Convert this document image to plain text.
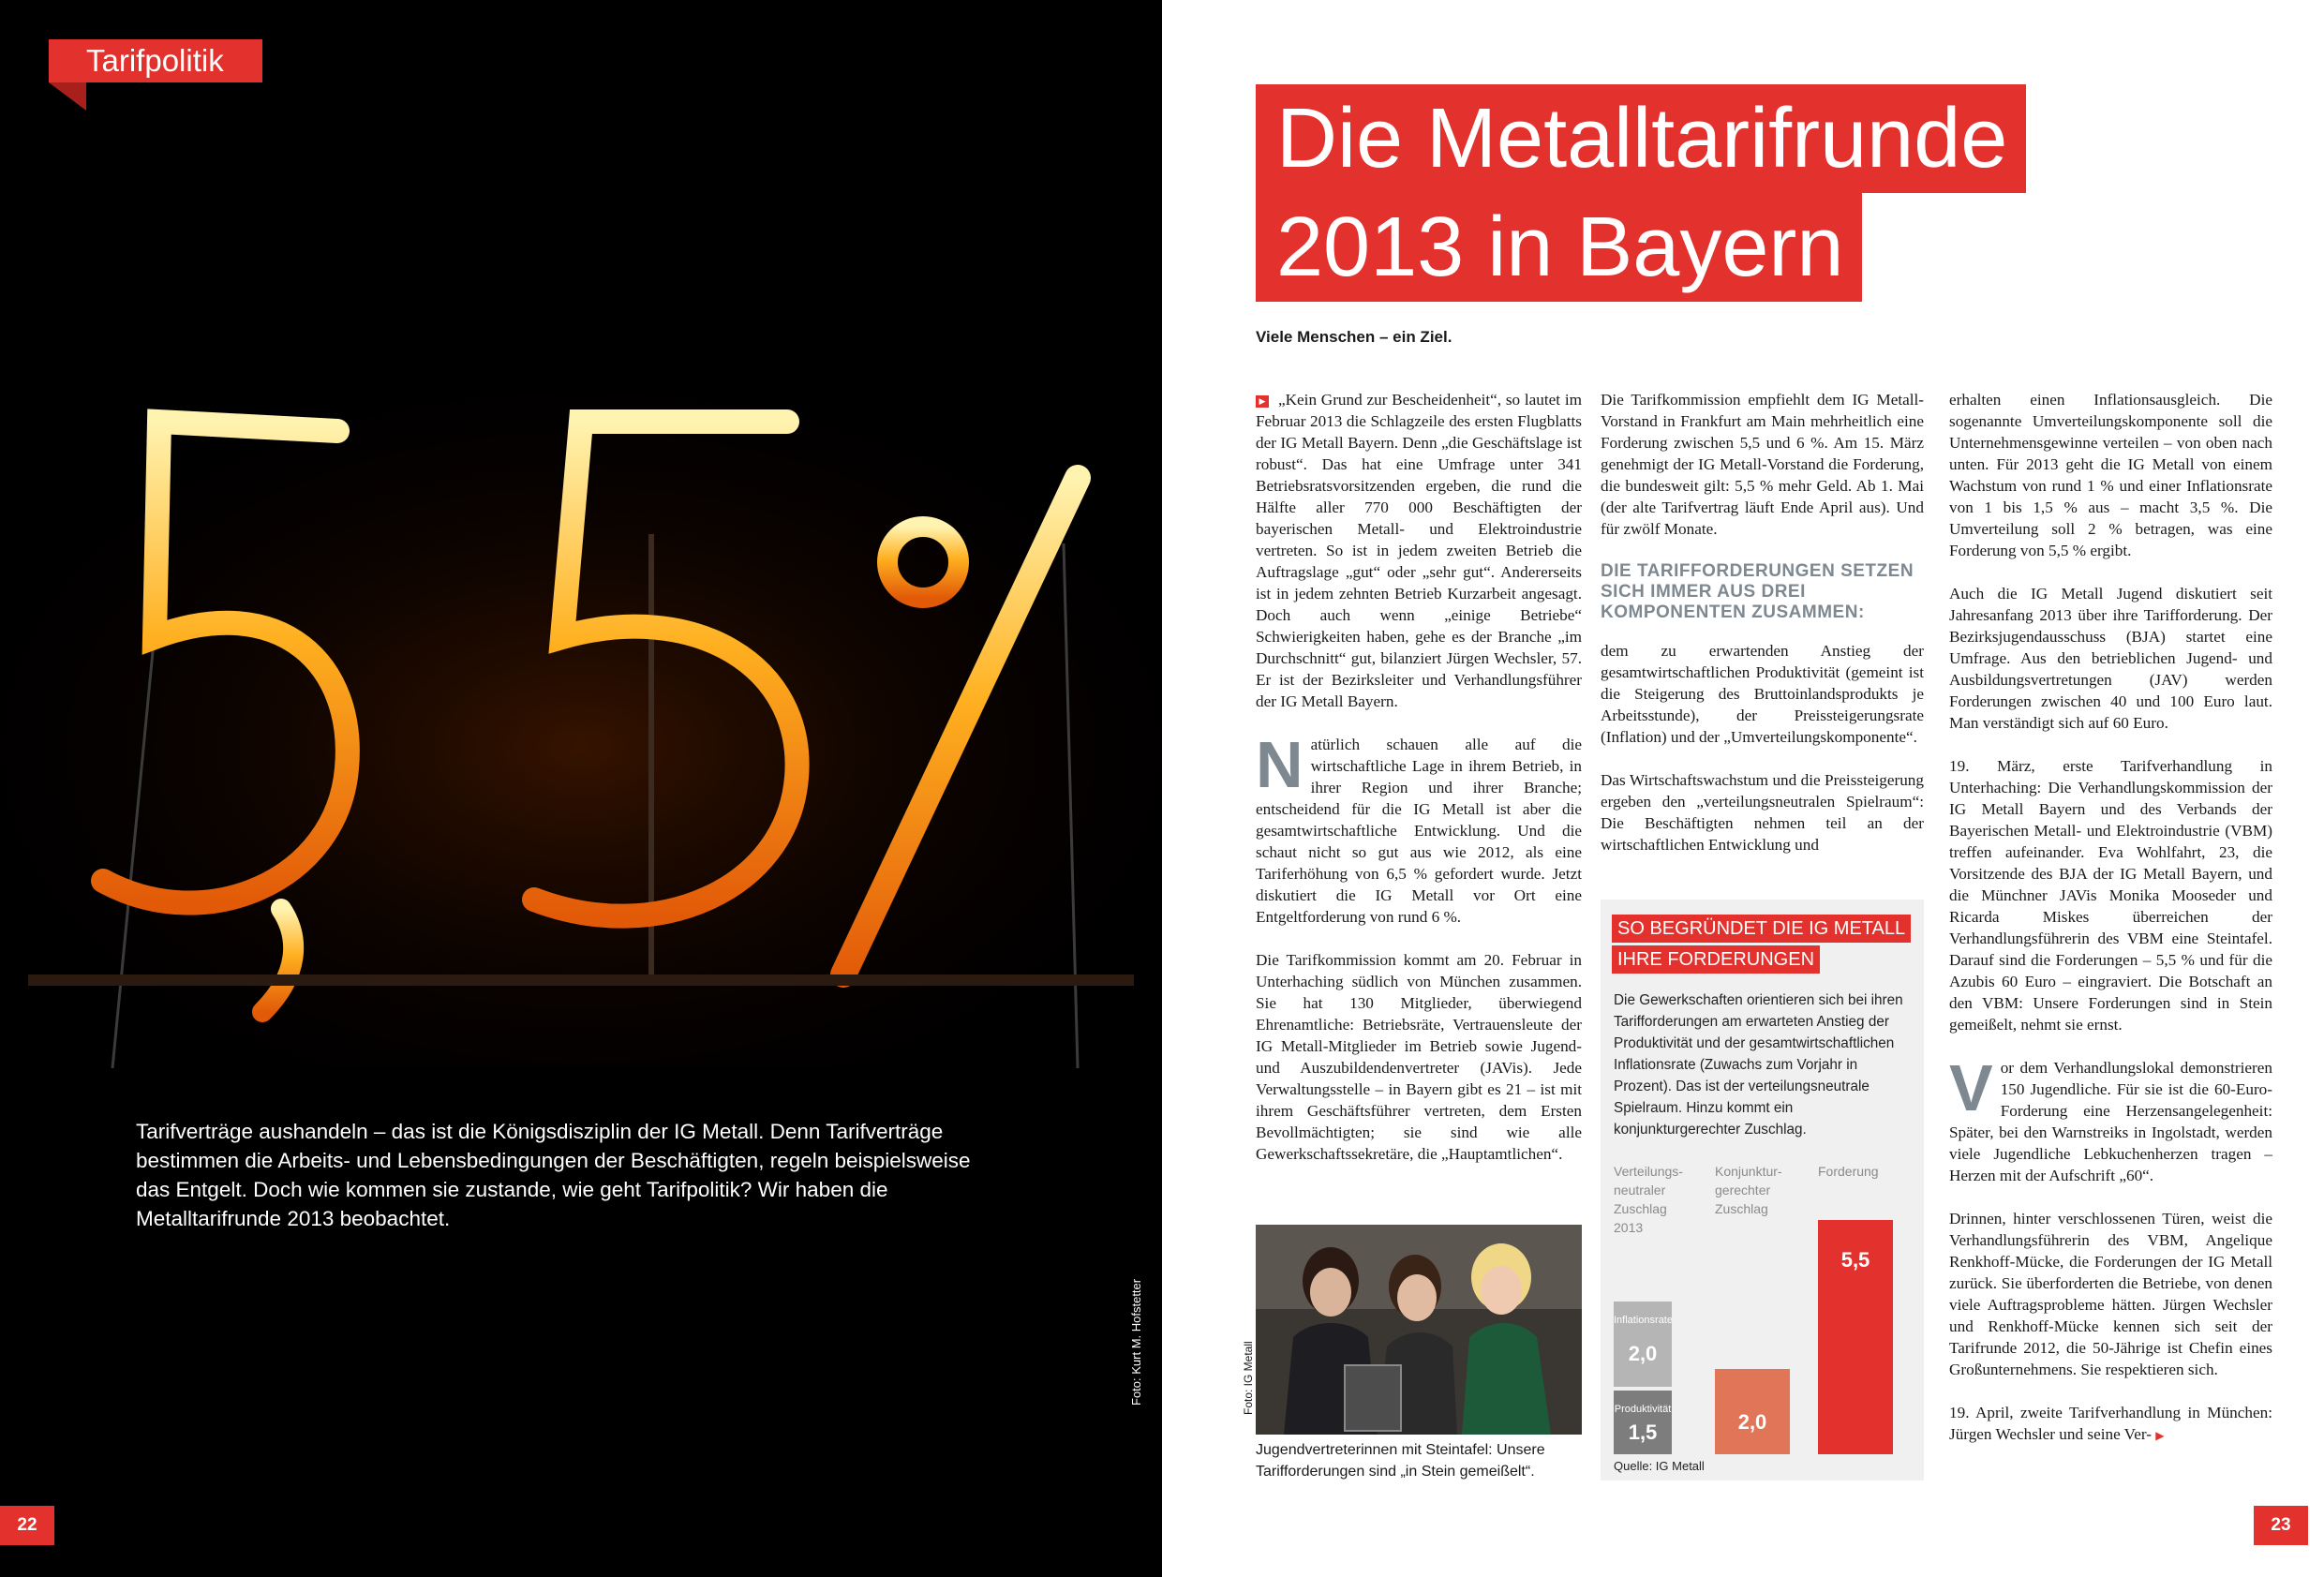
Tarifpolitik
Tarifverträge aushandeln – das ist die Königsdisziplin der IG Metall. Denn Tarifverträge bestimmen die Arbeits- und Lebensbedingungen der Beschäftigten, regeln beispielsweise das Entgelt. Doch wie kommen sie zustande, wie geht Tarifpolitik? Wir haben die Metalltarifrunde 2013 beobachtet.
Foto: Kurt M. Hofstetter
22
Die Metalltarifrunde
2013 in Bayern
Viele Menschen – ein Ziel.

▶ „Kein Grund zur Bescheidenheit“, so lautet im Februar 2013 die Schlagzeile des ersten Flugblatts der IG Metall Bayern. Denn „die Geschäftslage ist robust“. Das hat eine Umfrage unter 341 Betriebsratsvorsitzenden ergeben, die rund die Hälfte aller 770 000 Beschäftigten der bayerischen Metall- und Elektroindustrie vertreten. So ist in jedem zweiten Betrieb die Auftragslage „gut“ oder „sehr gut“. Andererseits ist in jedem zehnten Betrieb Kurzarbeit angesagt. Doch auch wenn „einige Betriebe“ Schwierigkeiten haben, gehe es der Branche „im Durchschnitt“ gut, bilanziert Jürgen Wechsler, 57. Er ist der Bezirksleiter und Verhandlungsführer der IG Metall Bayern.

Natürlich schauen alle auf die wirtschaftliche Lage in ihrem Betrieb, in ihrer Region und ihrer Branche; entscheidend für die IG Metall ist aber die gesamtwirtschaftliche Entwicklung. Und die schaut nicht so gut aus wie 2012, als eine Tariferhöhung von 6,5 % gefordert wurde. Jetzt diskutiert die IG Metall vor Ort eine Entgeltforderung von rund 6 %.

Die Tarifkommission kommt am 20. Februar in Unterhaching südlich von München zusammen. Sie hat 130 Mitglieder, überwiegend Ehrenamtliche: Betriebsräte, Vertrauensleute der IG Metall-Mitglieder im Betrieb sowie Jugend- und Auszubildendenvertreter (JAVis). Jede Verwaltungsstelle – in Bayern gibt es 21 – ist mit ihrem Geschäftsführer vertreten, dem Ersten Bevollmächtigten; sie sind wie alle Gewerkschaftssekretäre, die „Hauptamtlichen“.

Foto: IG Metall
Jugendvertreterinnen mit Steintafel: Unsere Tarifforderungen sind „in Stein gemeißelt“.

Die Tarifkommission empfiehlt dem IG Metall-Vorstand in Frankfurt am Main mehrheitlich eine Forderung zwischen 5,5 und 6 %. Am 15. März genehmigt der IG Metall-Vorstand die Forderung, die bundesweit gilt: 5,5 % mehr Geld. Ab 1. Mai (der alte Tarifvertrag läuft Ende April aus). Und für zwölf Monate.

DIE TARIFFORDERUNGEN SETZEN SICH IMMER AUS DREI KOMPONENTEN ZUSAMMEN:

dem zu erwartenden Anstieg der gesamtwirtschaftlichen Produktivität (gemeint ist die Steigerung des Bruttoinlandsprodukts je Arbeitsstunde), der Preissteigerungsrate (Inflation) und der „Umverteilungskomponente“.

Das Wirtschaftswachstum und die Preissteigerung ergeben den „verteilungsneutralen Spielraum“: Die Beschäftigten nehmen teil an der wirtschaftlichen Entwicklung und

SO BEGRÜNDET DIE IG METALL
IHRE FORDERUNGEN
Die Gewerkschaften orientieren sich bei ihren Tarifforderungen am erwarteten Anstieg der Produktivität und der gesamtwirtschaftlichen Inflationsrate (Zuwachs zum Vorjahr in Prozent). Das ist der verteilungsneutrale Spielraum. Hinzu kommt ein konjunkturgerechter Zuschlag.
Verteilungs-
neutraler
Zuschlag
2013
Konjunktur-
gerechter
Zuschlag
Forderung
Produktivität
1,5
Inflationsrate
2,0
2,0
5,5
Quelle: IG Metall

erhalten einen Inflationsausgleich. Die sogenannte Umverteilungskomponente soll die Unternehmensgewinne verteilen – von oben nach unten. Für 2013 geht die IG Metall von einem Wachstum von rund 1 % und einer Inflationsrate von 1 bis 1,5 % aus – macht 3,5 %. Die Umverteilung soll 2 % betragen, was eine Forderung von 5,5 % ergibt.

Auch die IG Metall Jugend diskutiert seit Jahresanfang 2013 über ihre Tarifforderung. Der Bezirksjugendausschuss (BJA) startet eine Umfrage. Aus den betrieblichen Jugend- und Ausbildungsvertretungen (JAV) werden Forderungen zwischen 40 und 100 Euro laut. Man verständigt sich auf 60 Euro.

19. März, erste Tarifverhandlung in Unterhaching: Die Verhandlungskommission der IG Metall Bayern und des Verbands der Bayerischen Metall- und Elektroindustrie (VBM) treffen aufeinander. Eva Wohlfahrt, 23, die Vorsitzende des BJA der IG Metall Bayern, und die Münchner JAVis Monika Mooseder und Ricarda Miskes überreichen der Verhandlungsführerin des VBM eine Steintafel. Darauf sind die Forderungen – 5,5 % und für die Azubis 60 Euro – eingraviert. Die Botschaft an den VBM: Unsere Forderungen sind in Stein gemeißelt, nehmt sie ernst.

Vor dem Verhandlungslokal demonstrieren 150 Jugendliche. Für sie ist die 60-Euro-Forderung eine Herzensangelegenheit: Später, bei den Warnstreiks in Ingolstadt, werden viele Jugendliche Lebkuchenherzen tragen – Herzen mit der Aufschrift „60“.

Drinnen, hinter verschlossenen Türen, weist die Verhandlungsführerin des VBM, Angelique Renkhoff-Mücke, die Forderungen der IG Metall zurück. Sie überforderten die Betriebe, von denen viele Auftragsprobleme hätten. Jürgen Wechsler und Renkhoff-Mücke kennen sich seit der Tarifrunde 2012, die 50-Jährige ist Chefin eines Großunternehmens. Sie respektieren sich.

19. April, zweite Tarifverhandlung in München: Jürgen Wechsler und seine Ver- ▶

23
